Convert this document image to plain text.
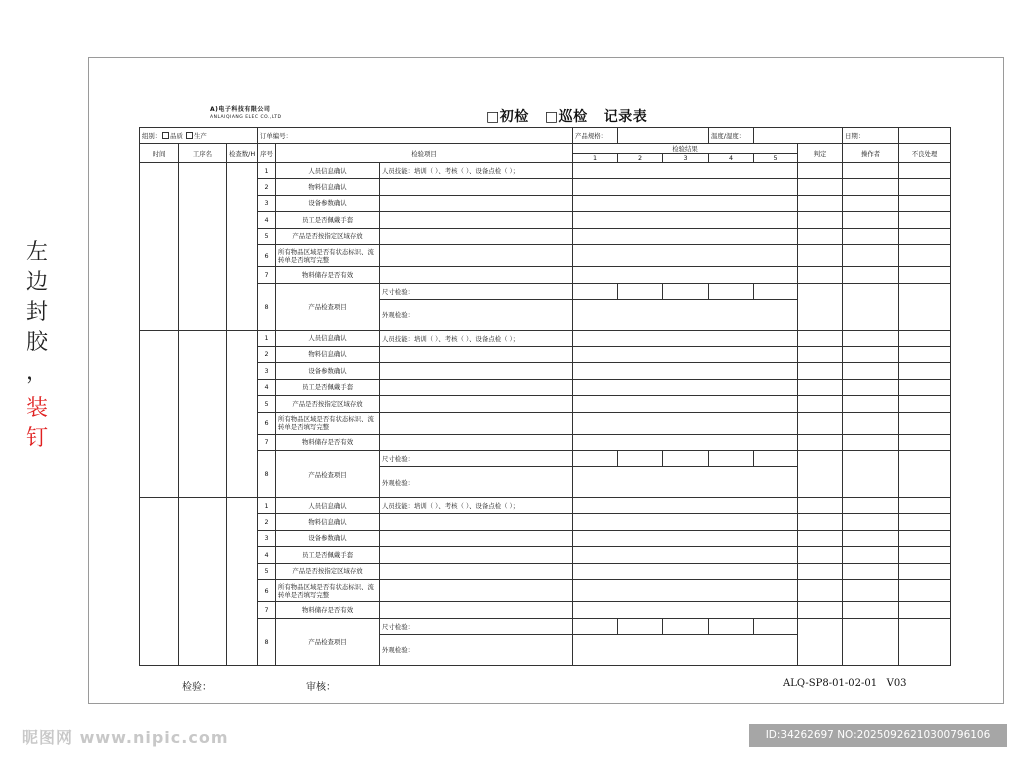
左
边
封
胶
，
装
钉
A)电子科技有限公司
ANLAIQIANG ELEC CO.,LTD	□初检   □巡检   记录表
组别： 品质 生产			订单编号：			产品规格：			温度/湿度：			日期：	
时间	工序名	检查数/H	序号	检验项目		检验结果					判定	操作者	不良处理
						1	2	3	4	5			
			1	人员信息确认	人员技能：培训（ ）、考核（ ）、设备点检（ ）；								
			2	物料信息确认									
			3	设备参数确认									
			4	员工是否佩戴手套									
			5	产品是否按指定区域存放									
			6	所有物品区域是否有状态标识、流转单是否填写完整									
			7	物料储存是否有效									
			8	产品检查项目	尺寸检验：								
					外观检验：								
			1	人员信息确认	人员技能：培训（ ）、考核（ ）、设备点检（ ）；								
			2	物料信息确认									
			3	设备参数确认									
			4	员工是否佩戴手套									
			5	产品是否按指定区域存放									
			6	所有物品区域是否有状态标识、流转单是否填写完整									
			7	物料储存是否有效									
			8	产品检查项目	尺寸检验：								
					外观检验：								
			1	人员信息确认	人员技能：培训（ ）、考核（ ）、设备点检（ ）；								
			2	物料信息确认									
			3	设备参数确认									
			4	员工是否佩戴手套									
			5	产品是否按指定区域存放									
			6	所有物品区域是否有状态标识、流转单是否填写完整									
			7	物料储存是否有效									
			8	产品检查项目	尺寸检验：								
					外观检验：								
检验：	审核：	ALQ-SP8-01-02-01   V03
昵图网 www.nipic.com	ID:34262697 NO:20250926210300796106
